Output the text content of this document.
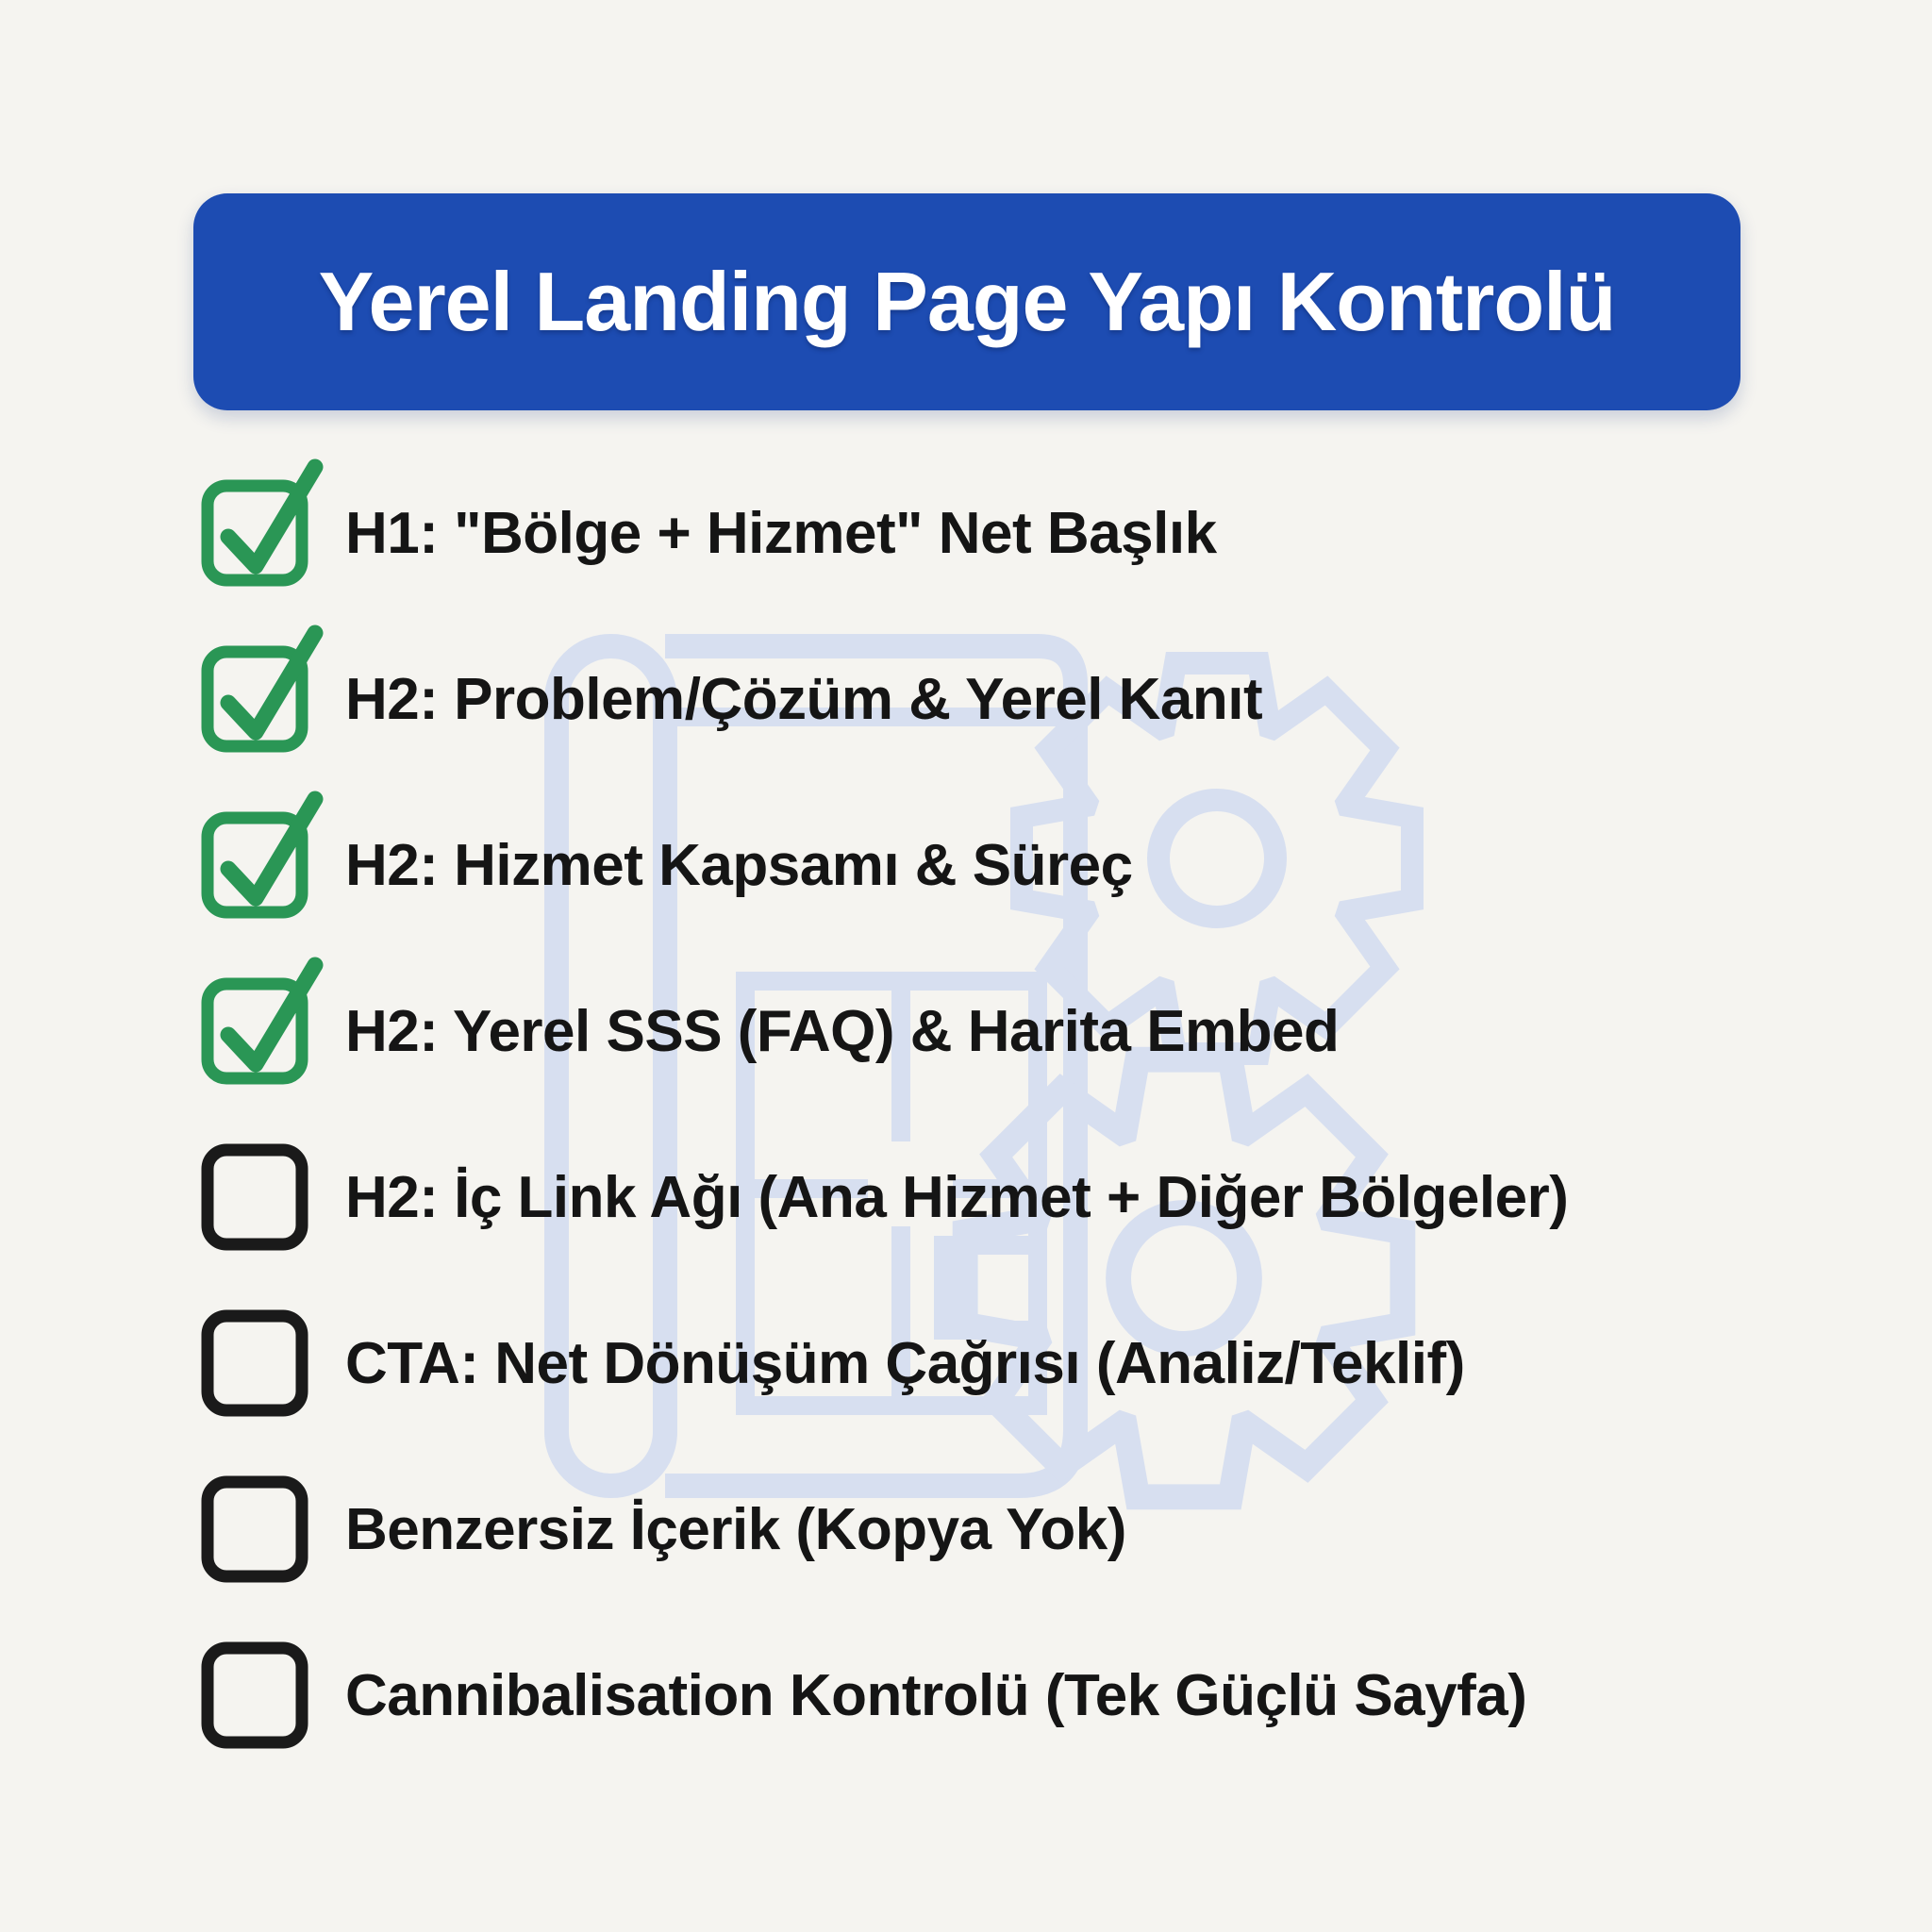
Yerel Landing Page Yapı Kontrolü
H1: "Bölge + Hizmet" Net Başlık
H2: Problem/Çözüm & Yerel Kanıt
H2: Hizmet Kapsamı & Süreç
H2: Yerel SSS (FAQ) & Harita Embed
H2: İç Link Ağı (Ana Hizmet + Diğer Bölgeler)
CTA: Net Dönüşüm Çağrısı (Analiz/Teklif)
Benzersiz İçerik (Kopya Yok)
Cannibalisation Kontrolü (Tek Güçlü Sayfa)
